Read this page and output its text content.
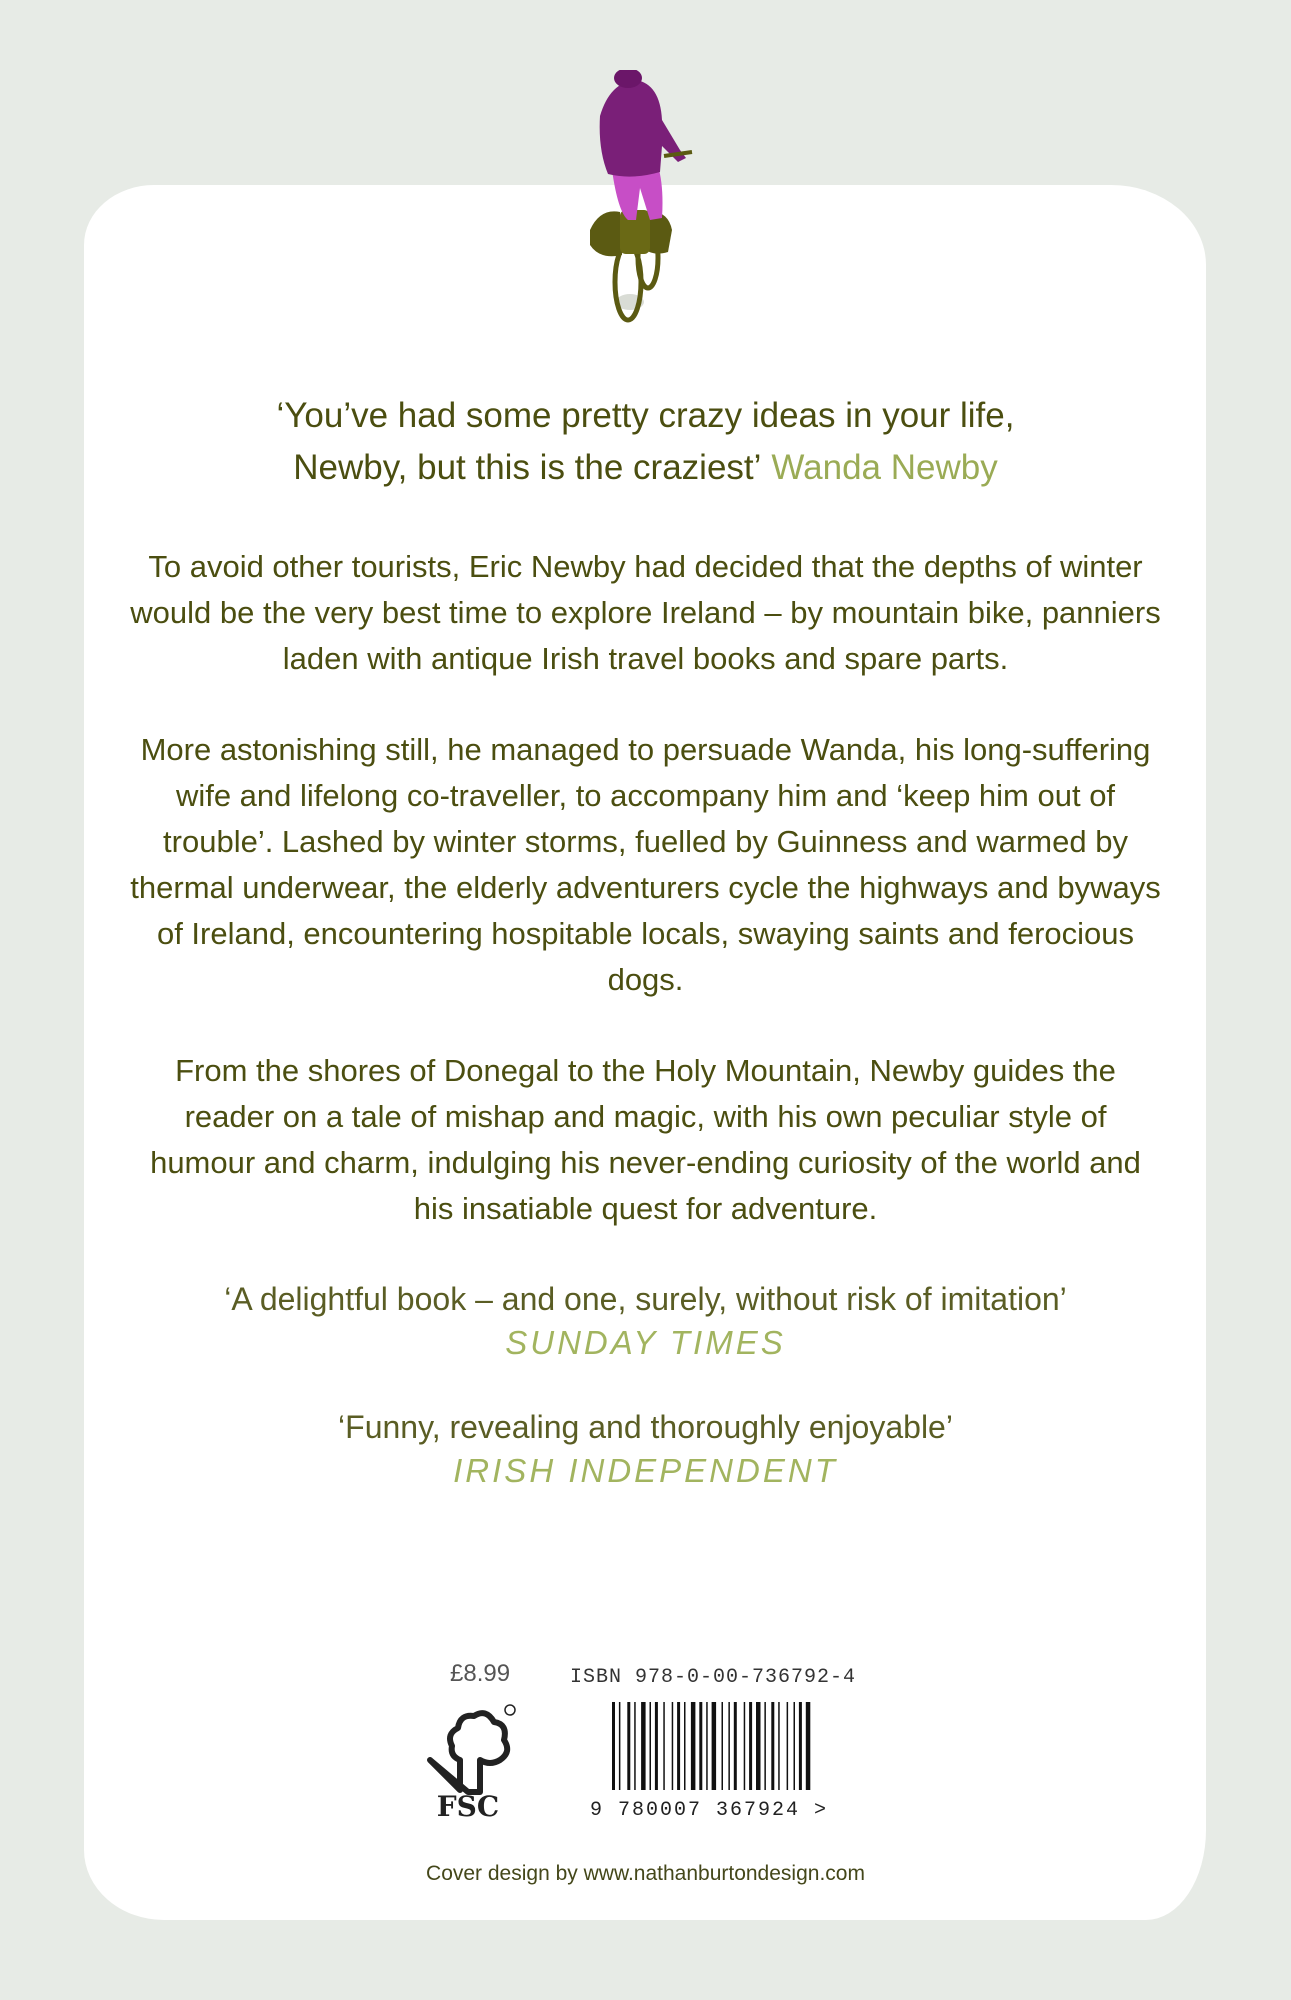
‘You’ve had some pretty crazy ideas in your life,
Newby, but this is the craziest’ Wanda Newby

To avoid other tourists, Eric Newby had decided that the depths of winter would be the very best time to explore Ireland – by mountain bike, panniers laden with antique Irish travel books and spare parts.

More astonishing still, he managed to persuade Wanda, his long-suffering wife and lifelong co-traveller, to accompany him and ‘keep him out of trouble’. Lashed by winter storms, fuelled by Guinness and warmed by thermal underwear, the elderly adventurers cycle the highways and byways of Ireland, encountering hospitable locals, swaying saints and ferocious dogs.

From the shores of Donegal to the Holy Mountain, Newby guides the reader on a tale of mishap and magic, with his own peculiar style of humour and charm, indulging his never-ending curiosity of the world and his insatiable quest for adventure.

‘A delightful book – and one, surely, without risk of imitation’
SUNDAY TIMES

‘Funny, revealing and thoroughly enjoyable’
IRISH INDEPENDENT

£8.99
FSC
ISBN 978-0-00-736792-4
9 780007 367924 >
Cover design by www.nathanburtondesign.com
